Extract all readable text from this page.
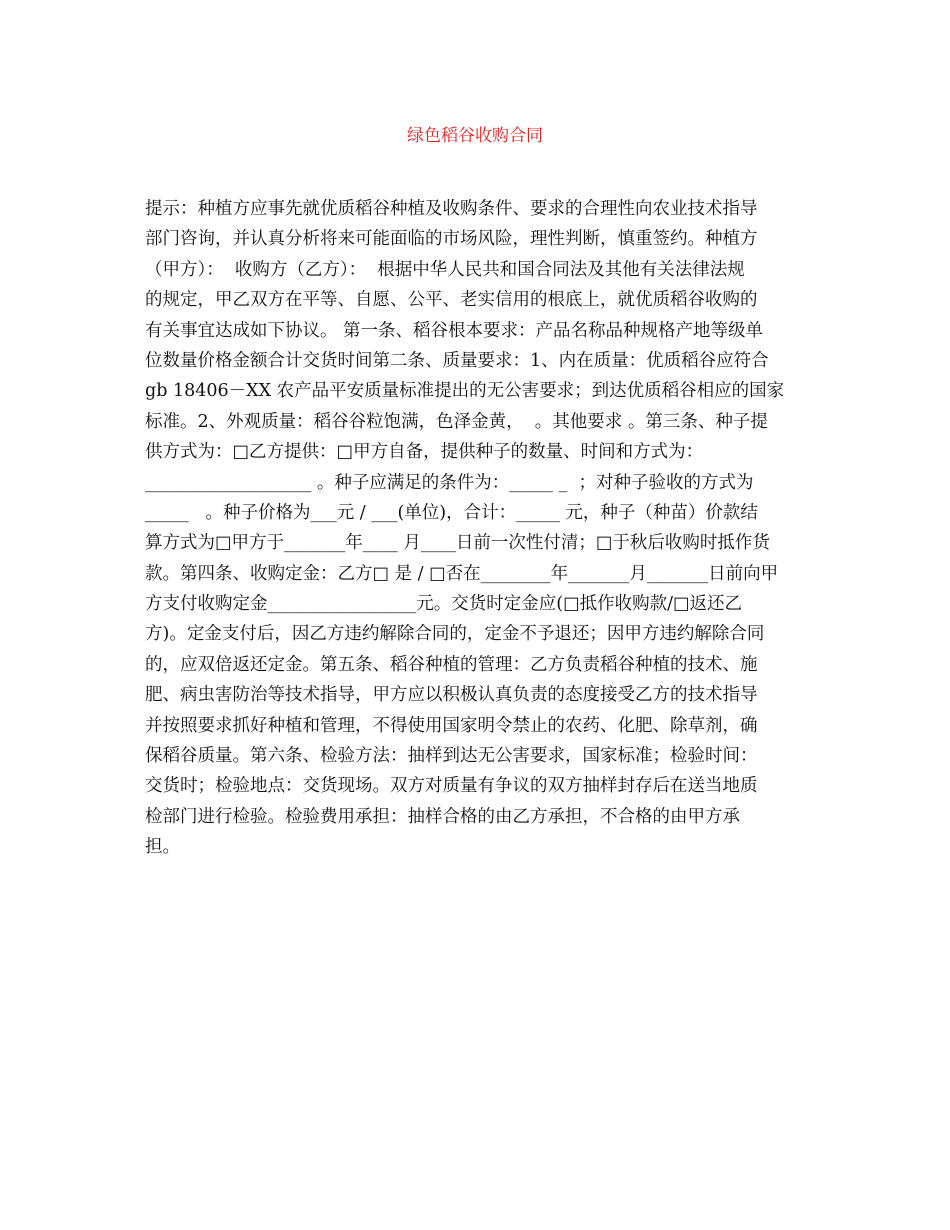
绿色稻谷收购合同
提示：种植方应事先就优质稻谷种植及收购条件、要求的合理性向农业技术指导
部门咨询，并认真分析将来可能面临的市场风险，理性判断，慎重签约。种植方
（甲方）：  收购方（乙方）：  根据中华人民共和国合同法及其他有关法律法规
的规定，甲乙双方在平等、自愿、公平、老实信用的根底上，就优质稻谷收购的
有关事宜达成如下协议。 第一条、稻谷根本要求：产品名称品种规格产地等级单
位数量价格金额合计交货时间第二条、质量要求：1、内在质量：优质稻谷应符合
gb 18406－XX 农产品平安质量标准提出的无公害要求；到达优质稻谷相应的国家
标准。2、外观质量：稻谷谷粒饱满，色泽金黄，  。其他要求 。第三条、种子提
供方式为：□乙方提供：□甲方自备，提供种子的数量、时间和方式为：
___________________ 。种子应满足的条件为：_____ _  ；对种子验收的方式为
_____   。种子价格为___元 / ___(单位)，合计：_____ 元，种子（种苗）价款结
算方式为□甲方于_______年____ 月____日前一次性付清；□于秋后收购时抵作货
款。第四条、收购定金：乙方□ 是 / □否在________年_______月_______日前向甲
方支付收购定金_________________元。交货时定金应(□抵作收购款/□返还乙
方)。定金支付后，因乙方违约解除合同的，定金不予退还；因甲方违约解除合同
的，应双倍返还定金。第五条、稻谷种植的管理：乙方负责稻谷种植的技术、施
肥、病虫害防治等技术指导，甲方应以积极认真负责的态度接受乙方的技术指导
并按照要求抓好种植和管理，不得使用国家明令禁止的农药、化肥、除草剂，确
保稻谷质量。第六条、检验方法：抽样到达无公害要求，国家标准；检验时间：
交货时；检验地点：交货现场。双方对质量有争议的双方抽样封存后在送当地质
检部门进行检验。检验费用承担：抽样合格的由乙方承担，不合格的由甲方承
担。
